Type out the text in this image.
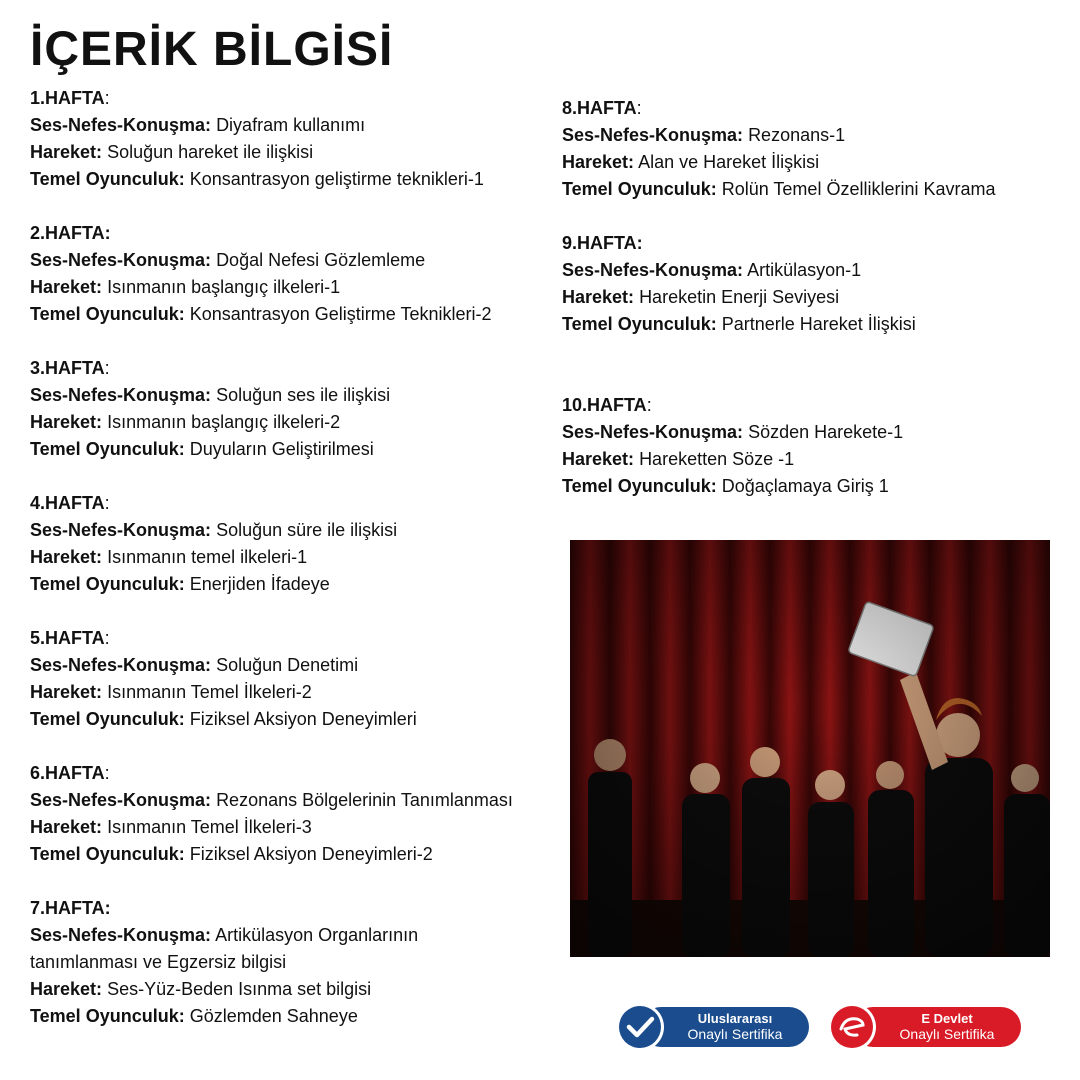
İÇERİK BİLGİSİ
1.HAFTA:
Ses-Nefes-Konuşma: Diyafram kullanımı
Hareket: Soluğun hareket ile ilişkisi
Temel Oyunculuk: Konsantrasyon geliştirme teknikleri-1
2.HAFTA:
Ses-Nefes-Konuşma: Doğal Nefesi Gözlemleme
Hareket: Isınmanın başlangıç ilkeleri-1
Temel Oyunculuk: Konsantrasyon Geliştirme Teknikleri-2
3.HAFTA:
Ses-Nefes-Konuşma: Soluğun ses ile ilişkisi
Hareket: Isınmanın başlangıç ilkeleri-2
Temel Oyunculuk: Duyuların Geliştirilmesi
4.HAFTA:
Ses-Nefes-Konuşma: Soluğun süre ile ilişkisi
Hareket: Isınmanın temel ilkeleri-1
Temel Oyunculuk: Enerjiden İfadeye
5.HAFTA:
Ses-Nefes-Konuşma: Soluğun Denetimi
Hareket: Isınmanın Temel İlkeleri-2
Temel Oyunculuk: Fiziksel Aksiyon Deneyimleri
6.HAFTA:
Ses-Nefes-Konuşma: Rezonans Bölgelerinin Tanımlanması
Hareket: Isınmanın Temel İlkeleri-3
Temel Oyunculuk: Fiziksel Aksiyon Deneyimleri-2
7.HAFTA:
Ses-Nefes-Konuşma: Artikülasyon Organlarının tanımlanması ve Egzersiz bilgisi
Hareket: Ses-Yüz-Beden Isınma set bilgisi
Temel Oyunculuk: Gözlemden Sahneye
8.HAFTA:
Ses-Nefes-Konuşma: Rezonans-1
Hareket: Alan ve Hareket İlişkisi
Temel Oyunculuk: Rolün Temel Özelliklerini Kavrama
9.HAFTA:
Ses-Nefes-Konuşma: Artikülasyon-1
Hareket: Hareketin Enerji Seviyesi
Temel Oyunculuk: Partnerle Hareket İlişkisi
10.HAFTA:
Ses-Nefes-Konuşma: Sözden Harekete-1
Hareket: Hareketten Söze -1
Temel Oyunculuk: Doğaçlamaya Giriş 1
Uluslararası
Onaylı Sertifika
E Devlet
Onaylı Sertifika
